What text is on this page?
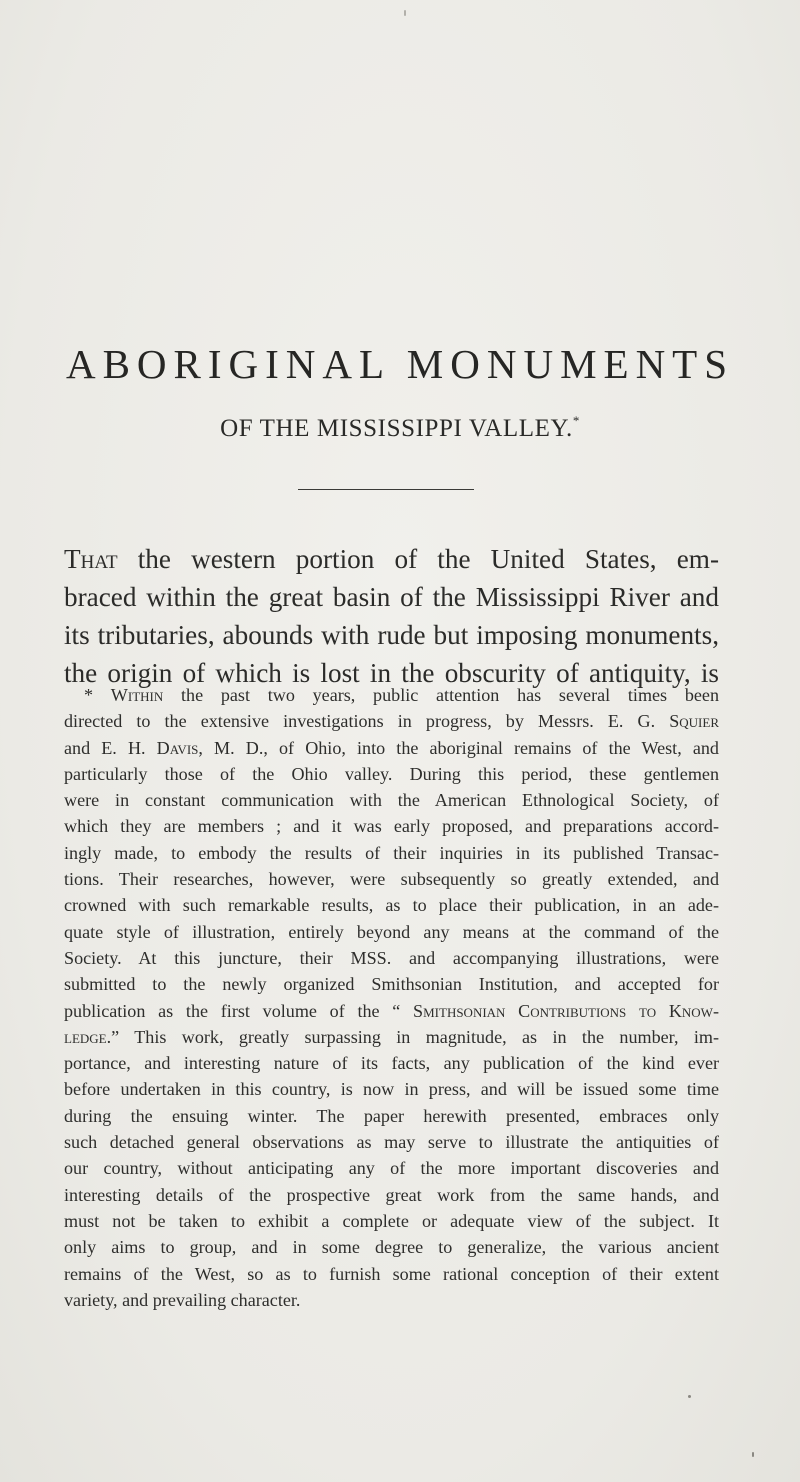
ABORIGINAL MONUMENTS
OF THE MISSISSIPPI VALLEY.*
That the western portion of the United States, em-
braced within the great basin of the Mississippi River and
its tributaries, abounds with rude but imposing monuments,
the origin of which is lost in the obscurity of antiquity, is
* Within the past two years, public attention has several times been
directed to the extensive investigations in progress, by Messrs. E. G. Squier
and E. H. Davis, M. D., of Ohio, into the aboriginal remains of the West, and
particularly those of the Ohio valley. During this period, these gentlemen
were in constant communication with the American Ethnological Society, of
which they are members ; and it was early proposed, and preparations accord-
ingly made, to embody the results of their inquiries in its published Transac-
tions. Their researches, however, were subsequently so greatly extended, and
crowned with such remarkable results, as to place their publication, in an ade-
quate style of illustration, entirely beyond any means at the command of the
Society. At this juncture, their MSS. and accompanying illustrations, were
submitted to the newly organized Smithsonian Institution, and accepted for
publication as the first volume of the “ Smithsonian Contributions to Know-
ledge.” This work, greatly surpassing in magnitude, as in the number, im-
portance, and interesting nature of its facts, any publication of the kind ever
before undertaken in this country, is now in press, and will be issued some time
during the ensuing winter. The paper herewith presented, embraces only
such detached general observations as may serve to illustrate the antiquities of
our country, without anticipating any of the more important discoveries and
interesting details of the prospective great work from the same hands, and
must not be taken to exhibit a complete or adequate view of the subject. It
only aims to group, and in some degree to generalize, the various ancient
remains of the West, so as to furnish some rational conception of their extent
variety, and prevailing character.
